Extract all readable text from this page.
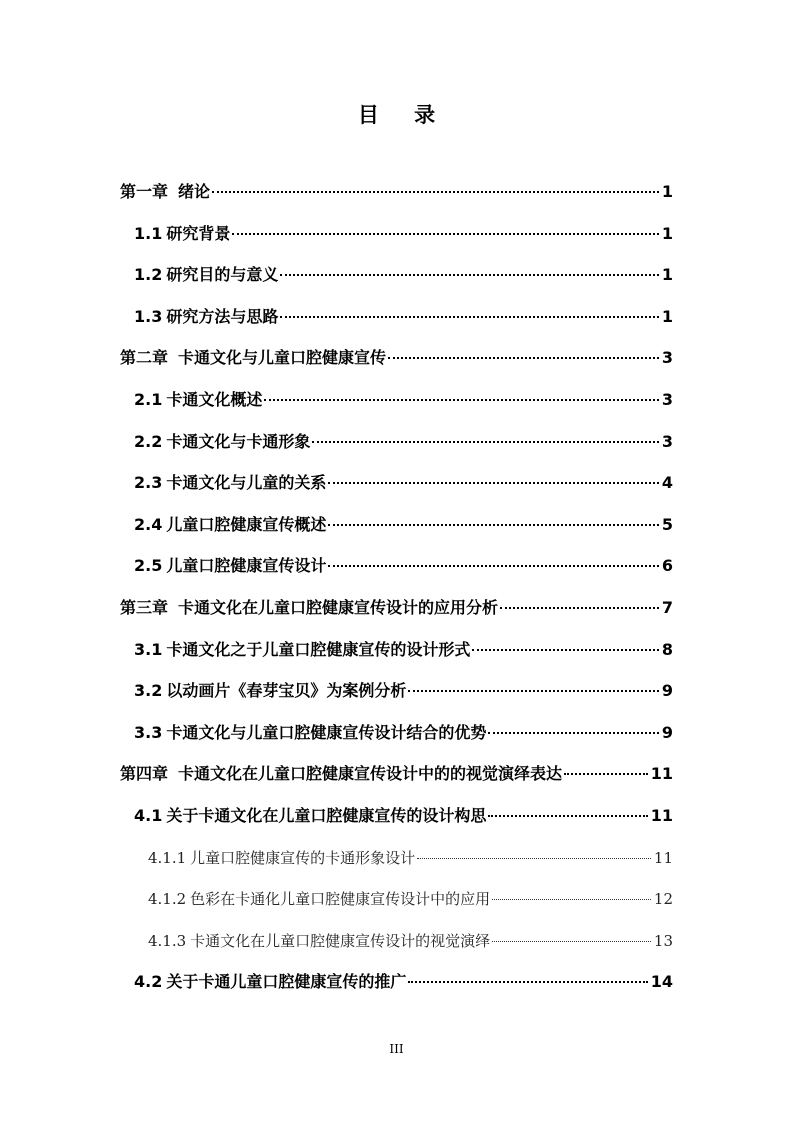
目 录
第一章 绪论	1
1.1 研究背景	1
1.2 研究目的与意义	1
1.3 研究方法与思路	1
第二章 卡通文化与儿童口腔健康宣传	3
2.1 卡通文化概述	3
2.2 卡通文化与卡通形象	3
2.3 卡通文化与儿童的关系	4
2.4 儿童口腔健康宣传概述	5
2.5 儿童口腔健康宣传设计	6
第三章 卡通文化在儿童口腔健康宣传设计的应用分析	7
3.1 卡通文化之于儿童口腔健康宣传的设计形式	8
3.2 以动画片《春芽宝贝》为案例分析	9
3.3 卡通文化与儿童口腔健康宣传设计结合的优势	9
第四章 卡通文化在儿童口腔健康宣传设计中的的视觉演绎表达	11
4.1 关于卡通文化在儿童口腔健康宣传的设计构思	11
4.1.1 儿童口腔健康宣传的卡通形象设计	11
4.1.2 色彩在卡通化儿童口腔健康宣传设计中的应用	12
4.1.3 卡通文化在儿童口腔健康宣传设计的视觉演绎	13
4.2 关于卡通儿童口腔健康宣传的推广	14
III
